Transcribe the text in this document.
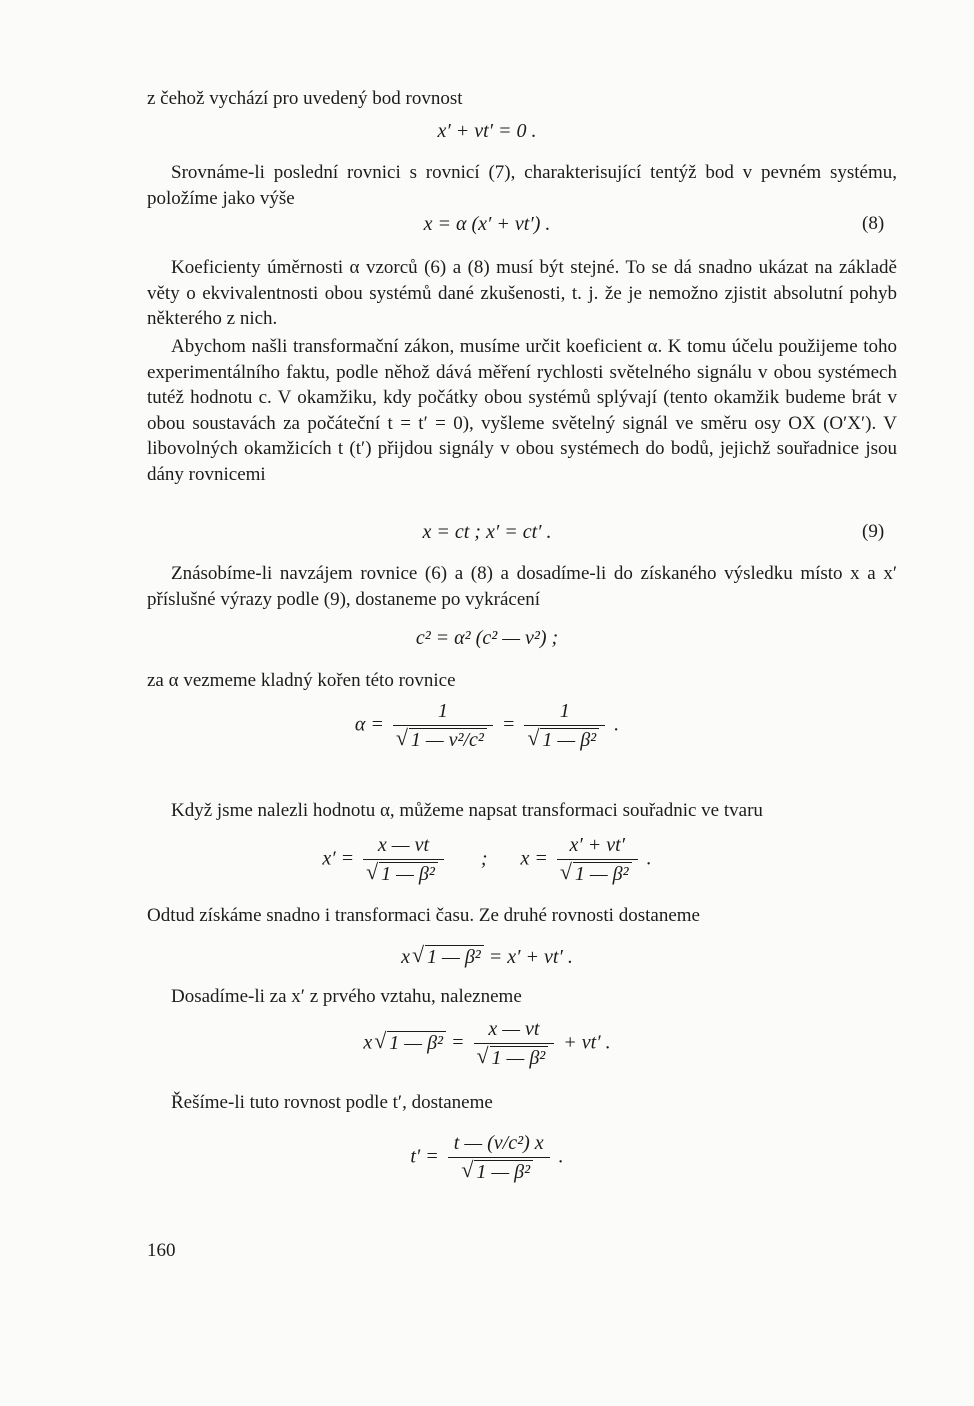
z čehož vychází pro uvedený bod rovnost

x′ + vt′ = 0 .

Srovnáme-li poslední rovnici s rovnicí (7), charakterisující tentýž bod v pevném systému, položíme jako výše

x = α (x′ + vt′) .	(8)

Koeficienty úměrnosti α vzorců (6) a (8) musí být stejné. To se dá snadno ukázat na základě věty o ekvivalentnosti obou systémů dané zkušenosti, t. j. že je nemožno zjistit absolutní pohyb některého z nich.

Abychom našli transformační zákon, musíme určit koeficient α. K tomu účelu použijeme toho experimentálního faktu, podle něhož dává měření rychlosti světelného signálu v obou systémech tutéž hodnotu c. V okamžiku, kdy počátky obou systémů splývají (tento okamžik budeme brát v obou soustavách za počáteční t = t′ = 0), vyšleme světelný signál ve směru osy OX (O′X′). V libovolných okamžicích t (t′) přijdou signály v obou systémech do bodů, jejichž souřadnice jsou dány rovnicemi

x = ct ; x′ = ct′ .	(9)

Znásobíme-li navzájem rovnice (6) a (8) a dosadíme-li do získaného výsledku místo x a x′ příslušné výrazy podle (9), dostaneme po vykrácení

c² = α² (c² — v²) ;

za α vezmeme kladný kořen této rovnice

α = 1
√ 1 — v²/c² = 1
√ 1 — β² .

Když jsme nalezli hodnotu α, můžeme napsat transformaci souřadnic ve tvaru

x′ = x — vt
√ 1 — β² ; x = x′ + vt′
√ 1 — β² .

Odtud získáme snadno i transformaci času. Ze druhé rovnosti dostaneme

x √ 1 — β² = x′ + vt′ .

Dosadíme-li za x′ z prvého vztahu, nalezneme

x √ 1 — β² = x — vt
√ 1 — β² + vt′ .

Řešíme-li tuto rovnost podle t′, dostaneme

t′ = t — (v/c²) x
√ 1 — β² .
160
